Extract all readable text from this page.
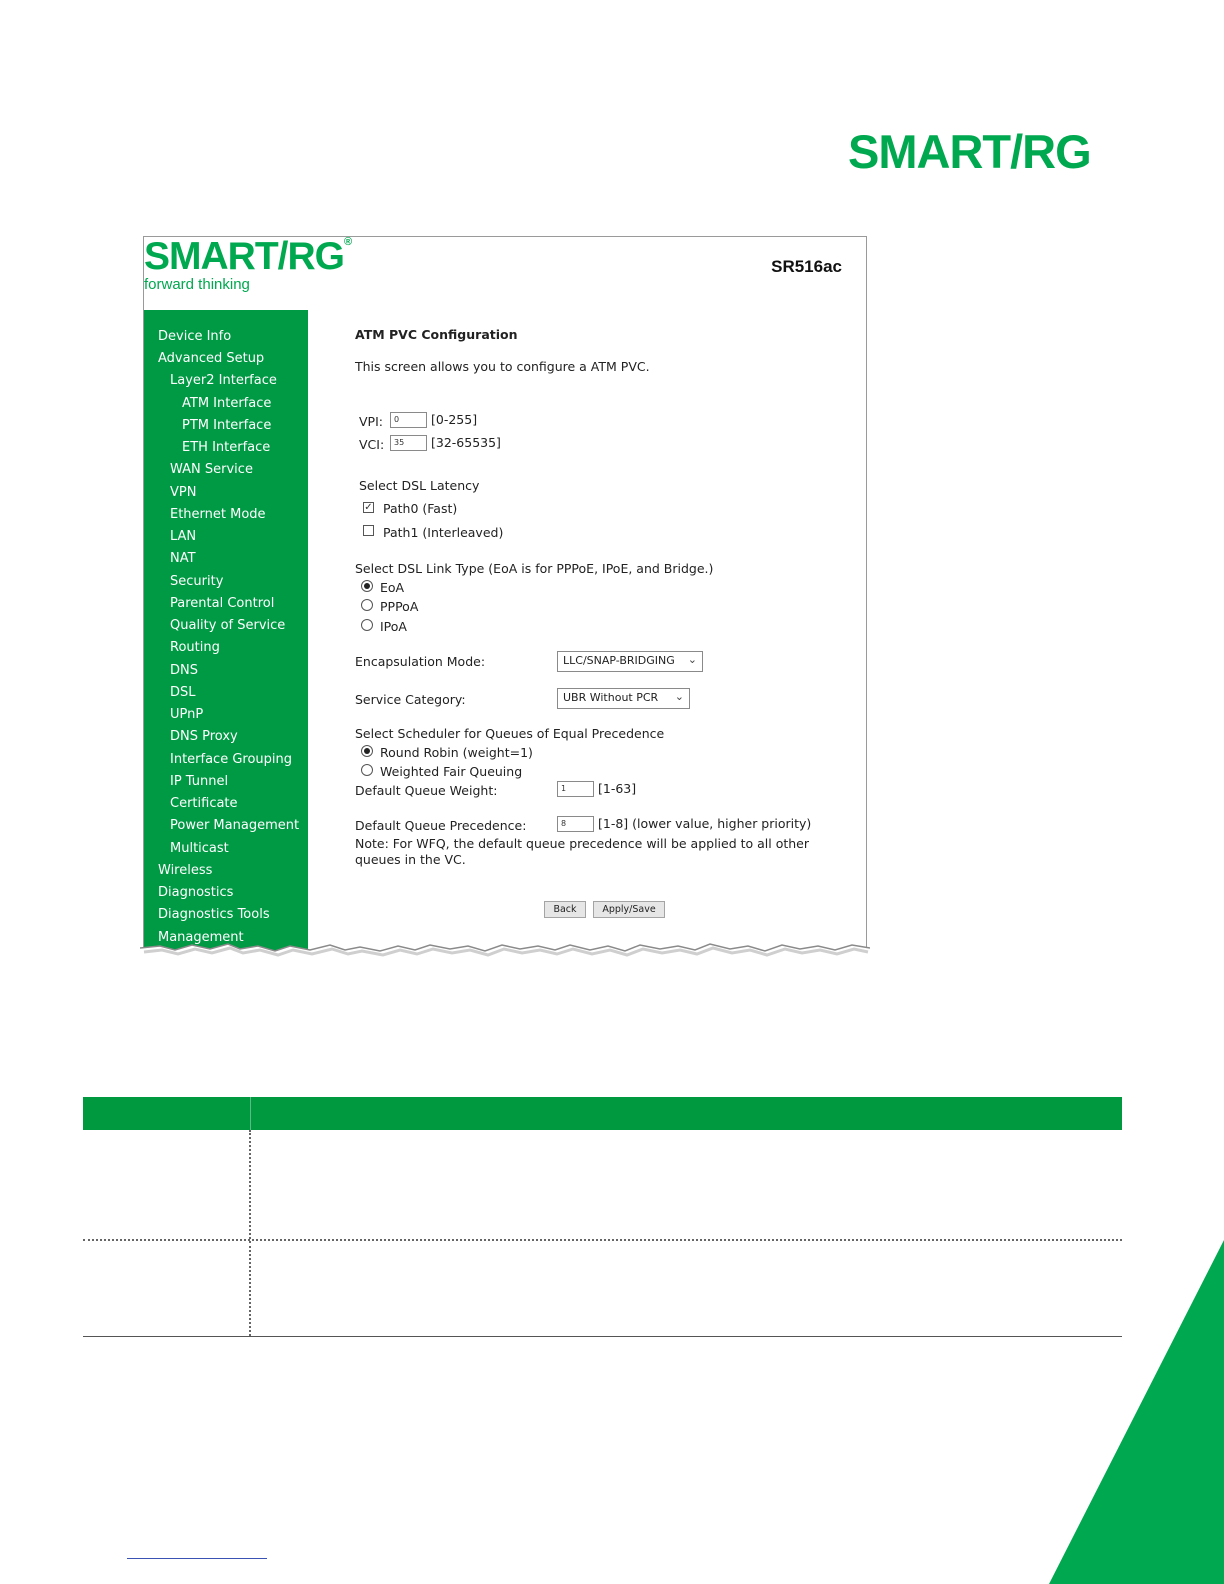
SMART/RG
SMART/RG®
forward thinking
SR516ac
Device Info
Advanced Setup
Layer2 Interface
ATM Interface
PTM Interface
ETH Interface
WAN Service
VPN
Ethernet Mode
LAN
NAT
Security
Parental Control
Quality of Service
Routing
DNS
DSL
UPnP
DNS Proxy
Interface Grouping
IP Tunnel
Certificate
Power Management
Multicast
Wireless
Diagnostics
Diagnostics Tools
Management
ATM PVC Configuration
This screen allows you to configure a ATM PVC.
VPI:	0	[0-255]
VCI:	35	[32-65535]
Select DSL Latency
✓ Path0 (Fast)
Path1 (Interleaved)
Select DSL Link Type (EoA is for PPPoE, IPoE, and Bridge.)
EoA
PPPoA
IPoA
Encapsulation Mode:	LLC/SNAP-BRIDGING ⌄
Service Category:	UBR Without PCR ⌄
Select Scheduler for Queues of Equal Precedence
Round Robin (weight=1)
Weighted Fair Queuing
Default Queue Weight:	1	[1-63]
Default Queue Precedence:	8	[1-8] (lower value, higher priority)
Note: For WFQ, the default queue precedence will be applied to all other
queues in the VC.
Back	Apply/Save
